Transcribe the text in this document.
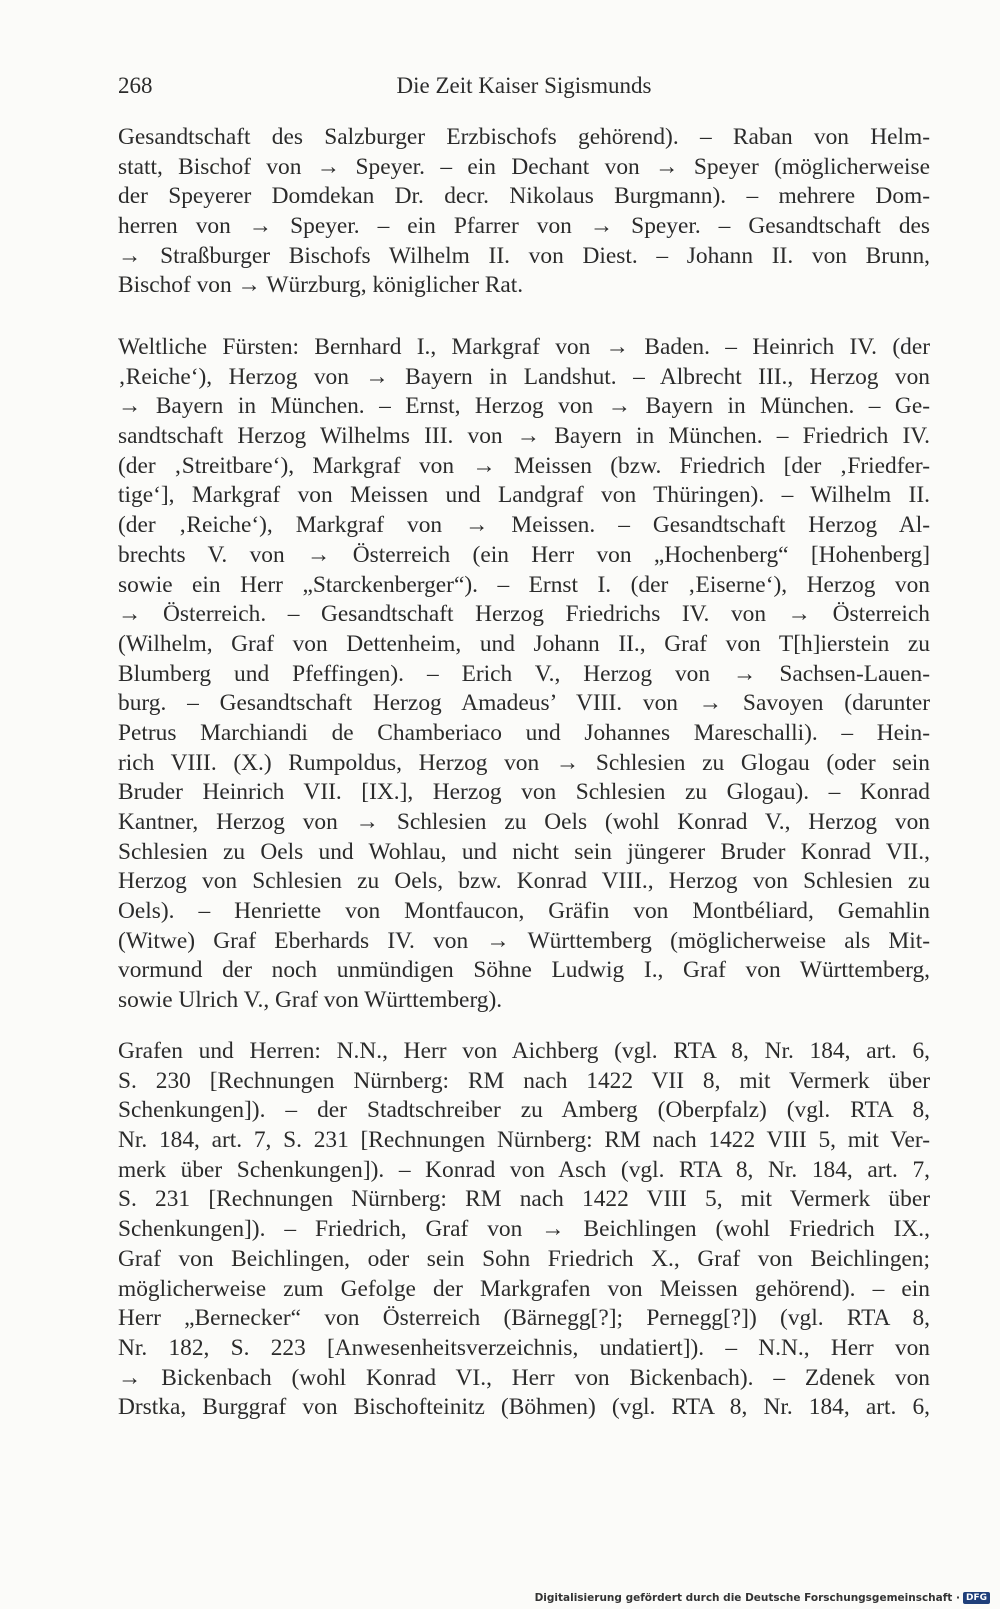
268	Die Zeit Kaiser Sigismunds
Gesandtschaft des Salzburger Erzbischofs gehörend). – Raban von Helm-
statt, Bischof von → Speyer. – ein Dechant von → Speyer (möglicherweise
der Speyerer Domdekan Dr. decr. Nikolaus Burgmann). – mehrere Dom-
herren von → Speyer. – ein Pfarrer von → Speyer. – Gesandtschaft des
→ Straßburger Bischofs Wilhelm II. von Diest. – Johann II. von Brunn,
Bischof von → Würzburg, königlicher Rat.
Weltliche Fürsten: Bernhard I., Markgraf von → Baden. – Heinrich IV. (der
‚Reiche‘), Herzog von → Bayern in Landshut. – Albrecht III., Herzog von
→ Bayern in München. – Ernst, Herzog von → Bayern in München. – Ge-
sandtschaft Herzog Wilhelms III. von → Bayern in München. – Friedrich IV.
(der ‚Streitbare‘), Markgraf von → Meissen (bzw. Friedrich [der ‚Friedfer-
tige‘], Markgraf von Meissen und Landgraf von Thüringen). – Wilhelm II.
(der ‚Reiche‘), Markgraf von → Meissen. – Gesandtschaft Herzog Al-
brechts V. von → Österreich (ein Herr von „Hochenberg“ [Hohenberg]
sowie ein Herr „Starckenberger“). – Ernst I. (der ‚Eiserne‘), Herzog von
→ Österreich. – Gesandtschaft Herzog Friedrichs IV. von → Österreich
(Wilhelm, Graf von Dettenheim, und Johann II., Graf von T[h]ierstein zu
Blumberg und Pfeffingen). – Erich V., Herzog von → Sachsen-Lauen-
burg. – Gesandtschaft Herzog Amadeus’ VIII. von → Savoyen (darunter
Petrus Marchiandi de Chamberiaco und Johannes Mareschalli). – Hein-
rich VIII. (X.) Rumpoldus, Herzog von → Schlesien zu Glogau (oder sein
Bruder Heinrich VII. [IX.], Herzog von Schlesien zu Glogau). – Konrad
Kantner, Herzog von → Schlesien zu Oels (wohl Konrad V., Herzog von
Schlesien zu Oels und Wohlau, und nicht sein jüngerer Bruder Konrad VII.,
Herzog von Schlesien zu Oels, bzw. Konrad VIII., Herzog von Schlesien zu
Oels). – Henriette von Montfaucon, Gräfin von Montbéliard, Gemahlin
(Witwe) Graf Eberhards IV. von → Württemberg (möglicherweise als Mit-
vormund der noch unmündigen Söhne Ludwig I., Graf von Württemberg,
sowie Ulrich V., Graf von Württemberg).
Grafen und Herren: N.N., Herr von Aichberg (vgl. RTA 8, Nr. 184, art. 6,
S. 230 [Rechnungen Nürnberg: RM nach 1422 VII 8, mit Vermerk über
Schenkungen]). – der Stadtschreiber zu Amberg (Oberpfalz) (vgl. RTA 8,
Nr. 184, art. 7, S. 231 [Rechnungen Nürnberg: RM nach 1422 VIII 5, mit Ver-
merk über Schenkungen]). – Konrad von Asch (vgl. RTA 8, Nr. 184, art. 7,
S. 231 [Rechnungen Nürnberg: RM nach 1422 VIII 5, mit Vermerk über
Schenkungen]). – Friedrich, Graf von → Beichlingen (wohl Friedrich IX.,
Graf von Beichlingen, oder sein Sohn Friedrich X., Graf von Beichlingen;
möglicherweise zum Gefolge der Markgrafen von Meissen gehörend). – ein
Herr „Bernecker“ von Österreich (Bärnegg[?]; Pernegg[?]) (vgl. RTA 8,
Nr. 182, S. 223 [Anwesenheitsverzeichnis, undatiert]). – N.N., Herr von
→ Bickenbach (wohl Konrad VI., Herr von Bickenbach). – Zdenek von
Drstka, Burggraf von Bischofteinitz (Böhmen) (vgl. RTA 8, Nr. 184, art. 6,
Digitalisierung gefördert durch die Deutsche Forschungsgemeinschaft · DFG
